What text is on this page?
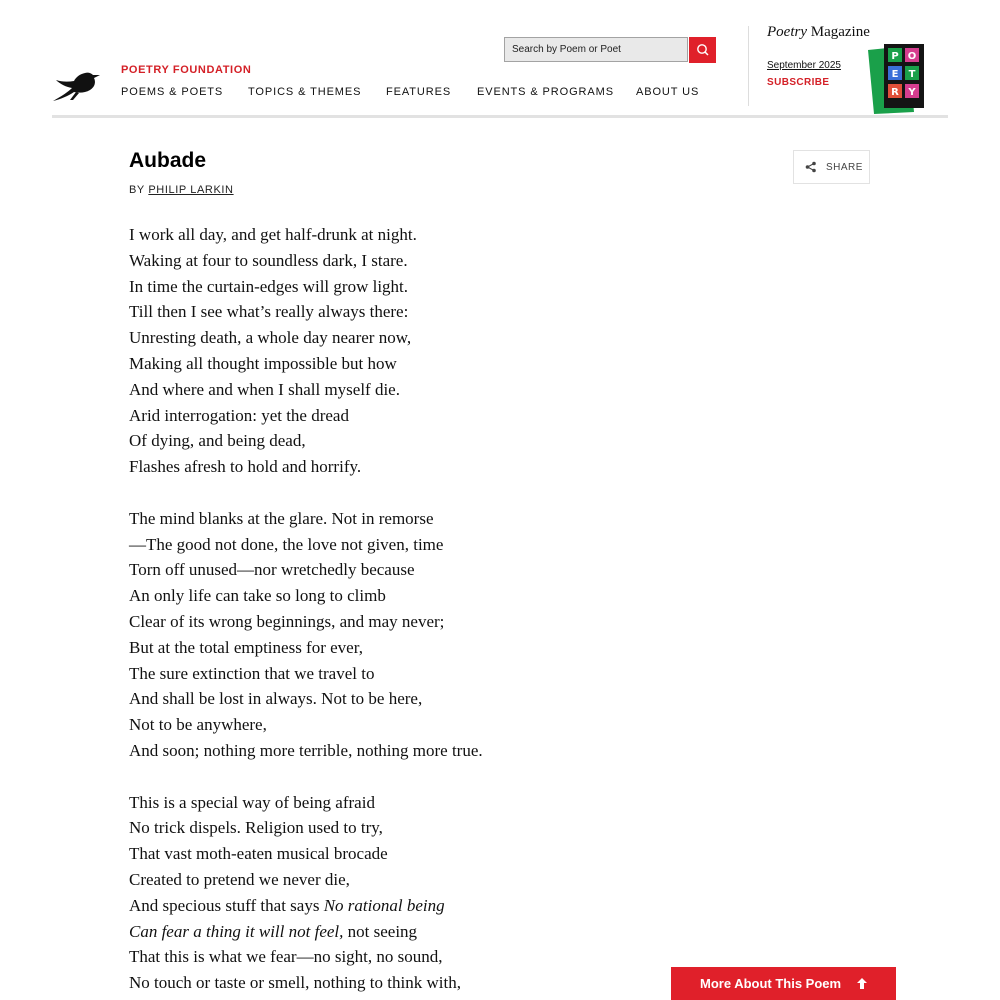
POETRY FOUNDATION
POEMS & POETS TOPICS & THEMES FEATURES EVENTS & PROGRAMS ABOUT US
Search by Poem or Poet
Poetry Magazine
September 2025
SUBSCRIBE
P O
E T
R Y
Aubade
BY PHILIP LARKIN
SHARE
I work all day, and get half-drunk at night.
Waking at four to soundless dark, I stare.
In time the curtain-edges will grow light.
Till then I see what’s really always there:
Unresting death, a whole day nearer now,
Making all thought impossible but how
And where and when I shall myself die.
Arid interrogation: yet the dread
Of dying, and being dead,
Flashes afresh to hold and horrify.
The mind blanks at the glare. Not in remorse
—The good not done, the love not given, time
Torn off unused—nor wretchedly because
An only life can take so long to climb
Clear of its wrong beginnings, and may never;
But at the total emptiness for ever,
The sure extinction that we travel to
And shall be lost in always. Not to be here,
Not to be anywhere,
And soon; nothing more terrible, nothing more true.
This is a special way of being afraid
No trick dispels. Religion used to try,
That vast moth-eaten musical brocade
Created to pretend we never die,
And specious stuff that says No rational being
Can fear a thing it will not feel, not seeing
That this is what we fear—no sight, no sound,
No touch or taste or smell, nothing to think with,	More About This Poem
